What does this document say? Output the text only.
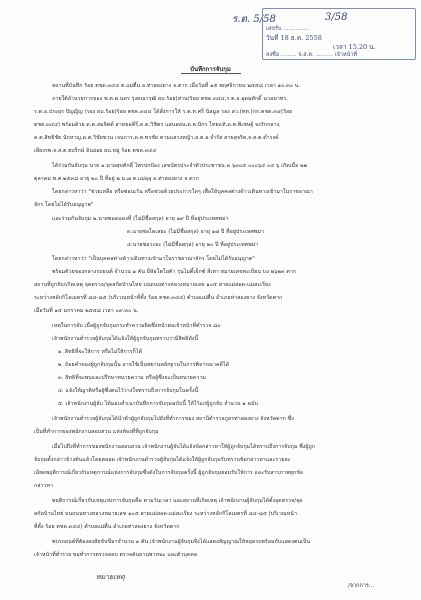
ร.ต. 5/58	3/58
เลขรับ ...............
วันที่ 18 ธ.ค. 2558
เวลา 15.20 น.
ลงชื่อ ......... จ.ส.ต. .......... เจ้าหน้าที่
บันทึกการจับกุม
สถานที่บันทึก ร้อย ตชด.๓๔๔ ต.แม่ตื่น อ.ท่าสองยาง จ.ตาก เมื่อวันที่ ๑๕ พฤศจิกายน ๒๕๕๘ เวลา ๑๐.๓๐ น.
ภายใต้อำนวยการของ พ.ต.ต.นคร รุ่งคณารุฒิ ผบ.ร้อย(ส่วน)ร้อย ตชด.๓๔๔,ร.ต.อ.อุดมศักดิ์ นวลมาทร,
ร.ต.อ.ประยุร ปัญญิญ (รอง ผบ.ร้อย)ร้อย ตชด.๓๔๔ ได้สั่งการให้ ร.ต.ท.ศรี นิลมูล รอง สว.(ทท.)กก.ตชด.๓๔(ร้อย
ตชด.๓๔๔) พร้อมด้วย ด.ต.สมจิตต์ สายขอคีรี,ด.ต.วิชิตร แสนสอน,ด.ต.นิกร ไทยแท้,ด.ต.พิเชษฐ์ จงรักกลาง,
ด.ต.สิทธิชัย นักหาญ,ด.ต.วิชัยขวน เจนการ,ด.ต.พรชัย ตามแสวงหญ้า,ส.ต.อ.จำรัส สายสุจริต,จ.ส.ต.ดำรงค์
เสียงรพ,จ.ส.ต.ยบรีกษ์ อินอ่อย ผบ.หมู่ ร้อย ตชด.๓๔๔
ได้ร่วมกันจับกุม นาย ๑.นายสุขศักดิ์ ไพรปกป้อง เลขบัตรประจำตัวประชาชน ๓ ๖๓๐๕ ๐๐๐๖๔ ๐๔ ๖ เกิดเมื่อ ๒๒
ตุลาคม พ.ศ.๒๕๓๘ อายุ ๒๐ ปี ที่อยู่ ๒ ม.๗ ต.แม่อุสุ อ.ท่าสองยาง จ.ตาก
โดยกล่าวหาว่า "ช่วยเหลือ หรือซ่อนเร้น หรือช่วยด้วยประการใดๆ เพื่อให้บุคคลต่างด้าวเดินทางเข้ามาในราชอาณา
จักร โดยไม่ได้รับอนุญาต"
และร่วมกันจับกุม ๒.นายซอดแดงที่ (ไม่มีชื่อสกุล) อายุ ๑๙ ปี ที่อยู่ประเทศพม่า
๓.นายซอโดเลยะ (ไม่มีชื่อสกุล) อายุ ๑๗ ปี ที่อยู่ประเทศพม่า
๔.นายซอวะยะ (ไม่มีชื่อสกุล) อายุ ๒๐ ปี ที่อยู่ประเทศพม่า
โดยกล่าวหาว่า "เป็นบุคคลต่างด้าวเดินทางเข้ามาในราชอาณาจักร โดยไม่ได้รับอนุญาต"
พร้อมด้วยของกลางรถยนต์ จำนวน ๑ คัน ยี่ห้อโตโยต้า รุ่นไมตี้เอ็กซ์ สีเทา หมายเลขทะเบียน บง ๒๖๒๓ ตาก
สถานที่ถูกจับ/เกิดเหตุ จุดตรวจ/จุดสกัดบ้านไหย่ บนถนนทางหลวงหมายเลข ๑๐๕ สายแม่สอด-แม่สะเรียง
ระหว่างหลักกิโลเมตรที่ ๘๔-๘๕ (บริเวณหน้าที่ตั้ง ร้อย ตชด.๓๔๔) ตำบลแม่ตื่น อำเภอท่าสองยาง จังหวัดตาก
เมื่อวันที่ ๑๕ มกราคม ๒๕๕๘ เวลา ๐๙.๓๐ น.
เหตุในการจับ เมื่อผู้ถูกจับกุมกระทำความผิดซึ่งหน้าต่อเจ้าหน้าที่ตำรวจ ๘๐
เจ้าพนักงานตำรวจผู้จับกุมได้แจ้งให้ผู้ถูกจับกุมทราบว่ามีสิทธิดังนี้
๑. สิทธิที่จะให้การ หรือไม่ให้การก็ได้
๒. ถ้อยคำของผู้ถูกจับกุมนั้น อาจใช้เป็นพยานหลักฐานในการพิจารณาคดีได้
๓. สิทธิที่จะพบและปรึกษาทนายความ หรือผู้ซึ่งจะเป็นทนายความ
๔. แจ้งให้ญาติหรือผู้ซึ่งตนไว้วางใจทราบถึงการจับกุมในครั้งนี้
๕. เจ้าพนักงานผู้จับ ได้มอบสำเนาบันทึกการจับกุมฉบับนี้ ให้ไว้แก่ผู้ถูกจับ จำนวน ๑ ฉบับ
เจ้าพนักงานตำรวจผู้จับกุมได้นำตัวผู้ถูกจับกุมไปยังที่ทำการของ สถานีตำรวจภูธรท่าสองยาง จังหวัดตาก ซึ่ง
เป็นที่ทำการของพนักงานสอบสวน แห่งท้องที่ที่ถูกจับกุม
เมื่อไปถึงที่ทำการของพนักงานสอบสวน เจ้าพนักงานผู้จับได้แจ้งข้อกล่าวหาให้ผู้ถูกจับกุมได้ทราบถึงการจับกุม ซึ่งผู้ถูก
จับกุมตั้งกล่าวข้างต้นแล้วโดยตลอด เจ้าพนักงานตำรวจผู้จับกุมได้แจ้งให้ผู้ถูกจับกุมรับทราบข้อกล่าวหาและรายละ
เอียดพฤติการณ์เกี่ยวกับเหตุการณ์แห่งการจับกุมซึ่งดังในการจับกุมครั้งนี้ ผู้ถูกจับกุมยอมรับให้การ และรับสารภาพทุกข้อ
กล่าวหา
พฤติการณ์เกี่ยวกับเหตุแห่งการจับกุมคือ ตามวันเวลา และสถานที่เกิดเหตุ เจ้าพนักงานผู้จับกุมได้ตั้งจุดตรวจ/จุด
สกัดบ้านไหย่ บนถนนทางหลวงหมายเลข ๑๐๕ สายแม่สอด-แม่สะเรียง ระหว่างหลักกิโลเมตรที่ ๘๔-๘๕ (บริเวณหน้า
ที่ตั้ง ร้อย ตชด.๓๔๔) ตำบลแม่ตื่น อำเภอท่าสองยาง จังหวัดตาก
พบรถยนต์ที่ต้องสงสัยขับขี่มาจำนวน ๑ คัน เจ้าพนักงานผู้จับกุมจึงได้แสดงสัญญาณให้หยุดรถพร้อมกับแสดงตนเป็น
เจ้าหน้าที่ตำรวจ ขอทำการตรวจสอบ ตรวจค้นยานพาหนะ และตัวบุคคล
หมายเหตุ
/จากการ...
